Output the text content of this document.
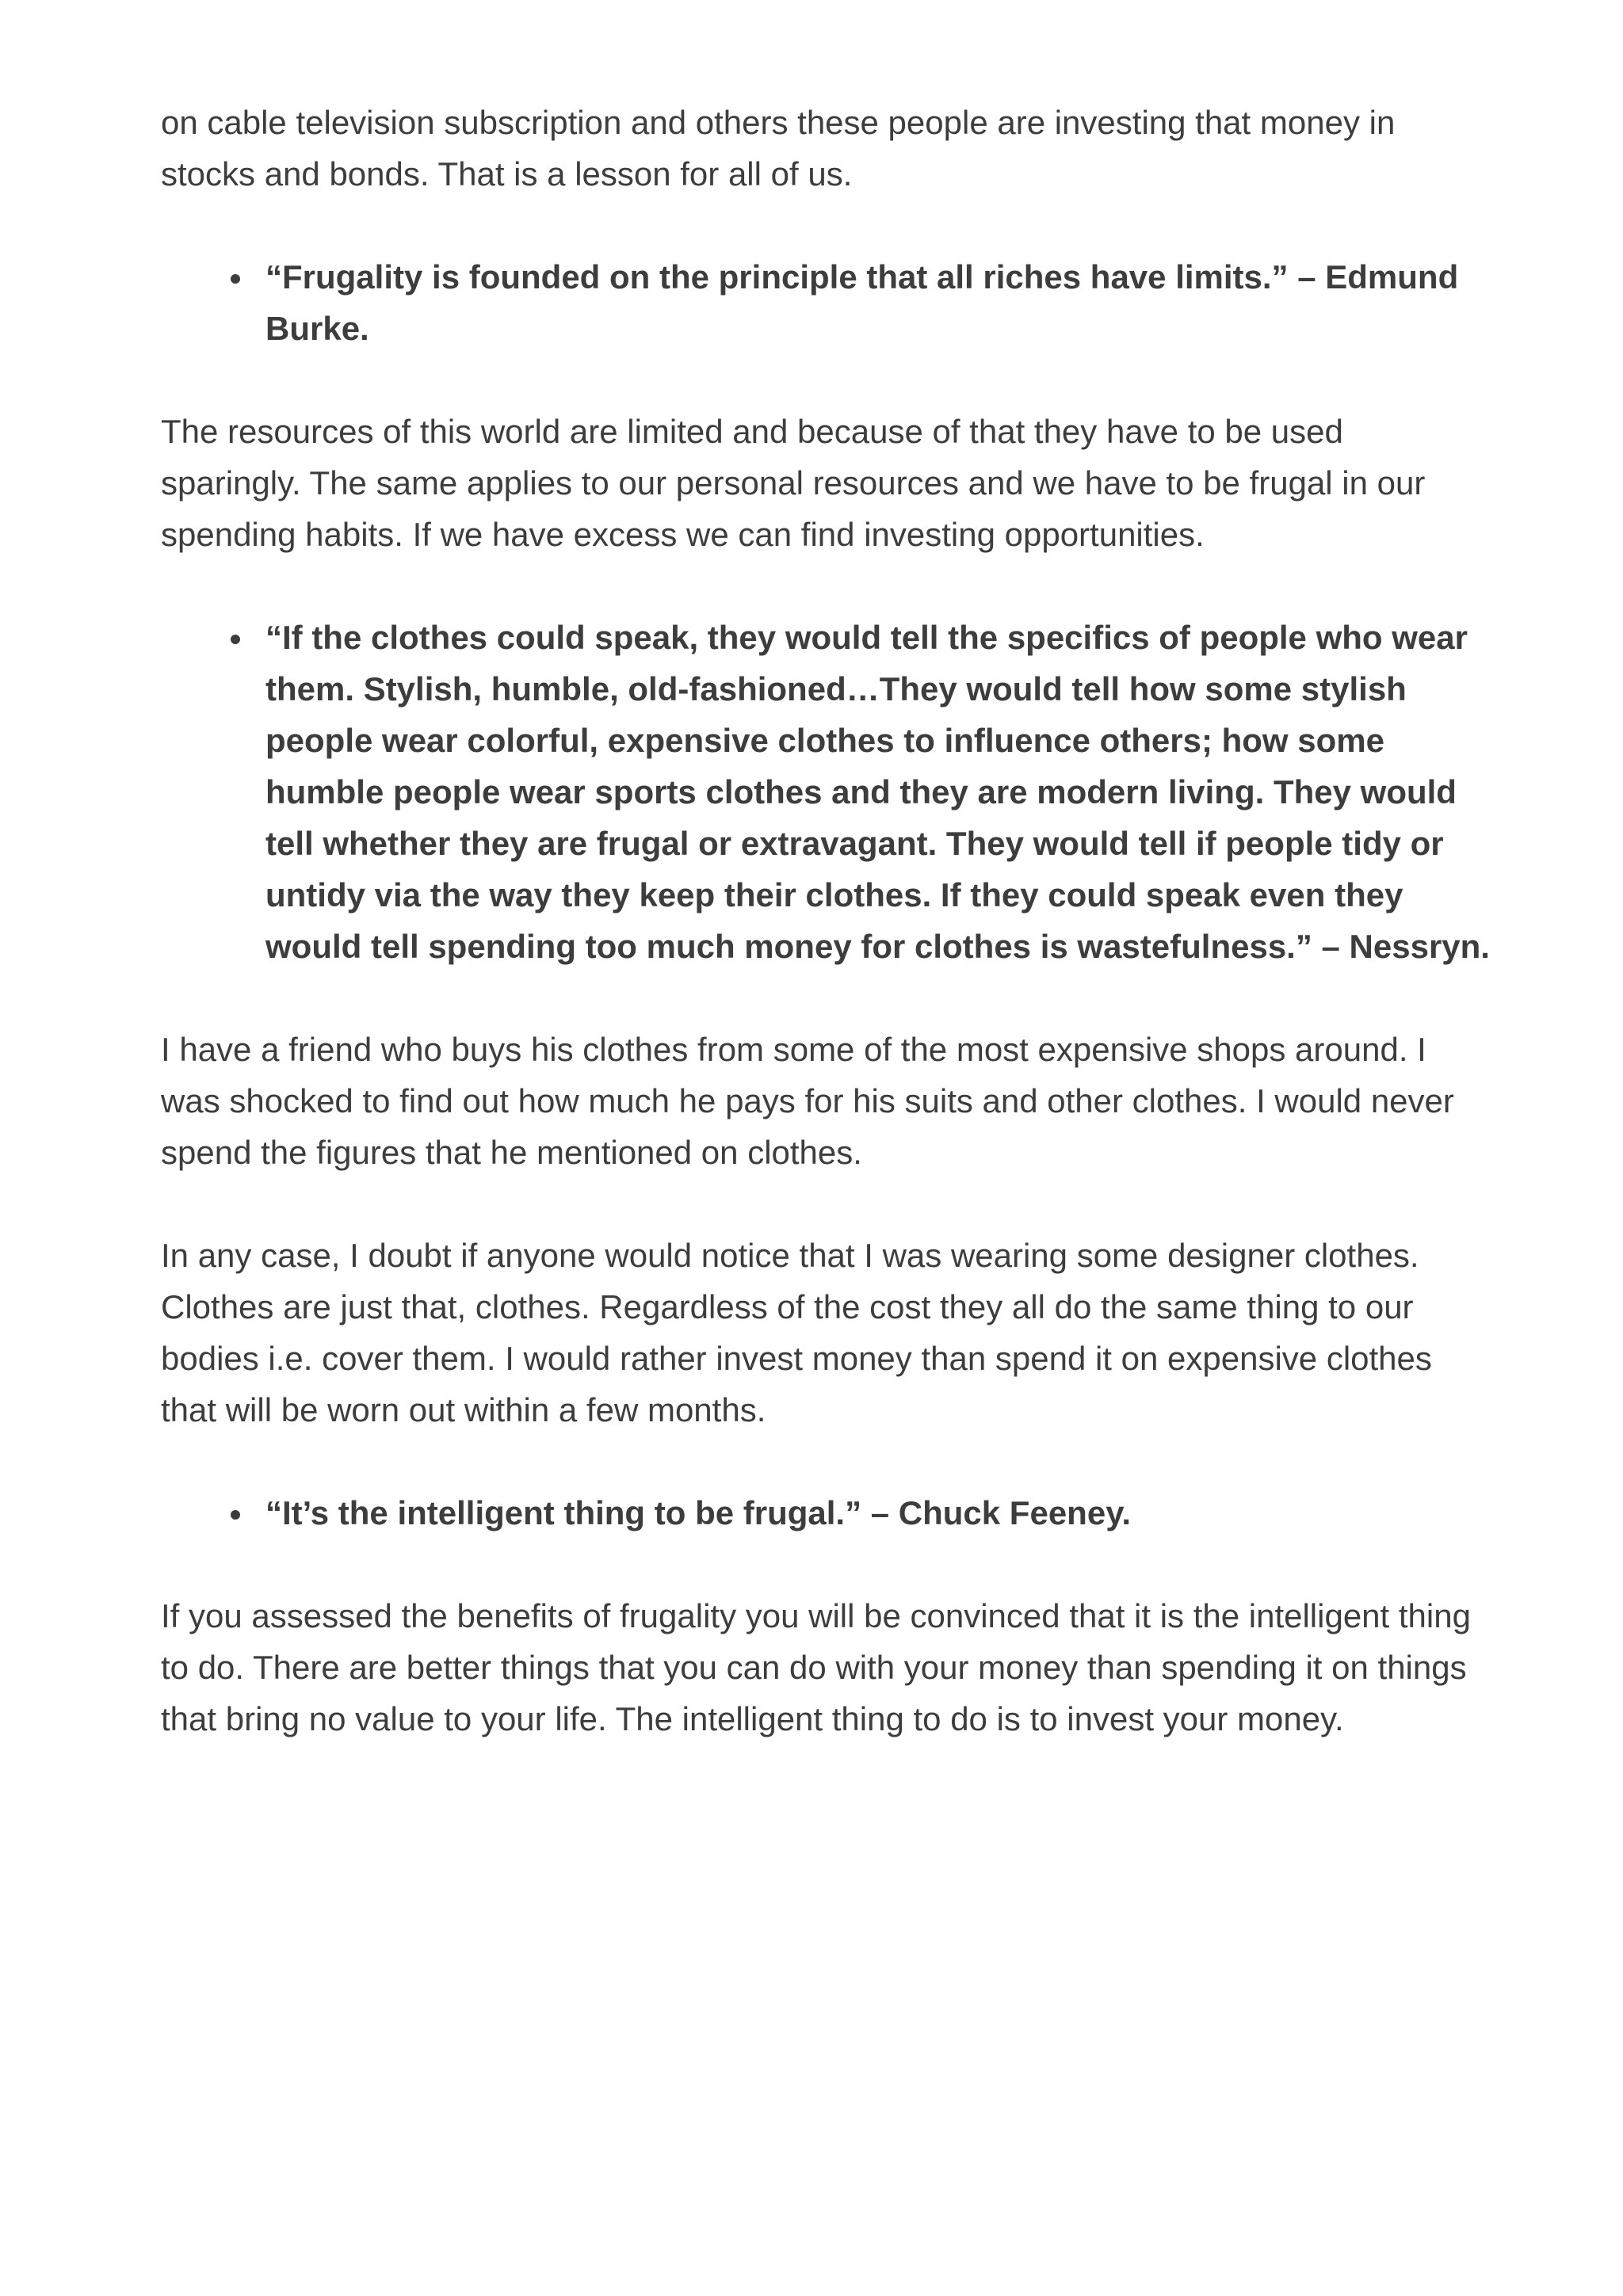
on cable television subscription and others these people are investing that money in stocks and bonds. That is a lesson for all of us.

“Frugality is founded on the principle that all riches have limits.” – Edmund Burke.

The resources of this world are limited and because of that they have to be used sparingly. The same applies to our personal resources and we have to be frugal in our spending habits. If we have excess we can find investing opportunities.

“If the clothes could speak, they would tell the specifics of people who wear them. Stylish, humble, old-fashioned…They would tell how some stylish people wear colorful, expensive clothes to influence others; how some humble people wear sports clothes and they are modern living. They would tell whether they are frugal or extravagant. They would tell if people tidy or untidy via the way they keep their clothes. If they could speak even they would tell spending too much money for clothes is wastefulness.” – Nessryn.

I have a friend who buys his clothes from some of the most expensive shops around. I was shocked to find out how much he pays for his suits and other clothes. I would never spend the figures that he mentioned on clothes.

In any case, I doubt if anyone would notice that I was wearing some designer clothes. Clothes are just that, clothes. Regardless of the cost they all do the same thing to our bodies i.e. cover them. I would rather invest money than spend it on expensive clothes that will be worn out within a few months.

“It’s the intelligent thing to be frugal.” – Chuck Feeney.

If you assessed the benefits of frugality you will be convinced that it is the intelligent thing to do. There are better things that you can do with your money than spending it on things that bring no value to your life. The intelligent thing to do is to invest your money.
